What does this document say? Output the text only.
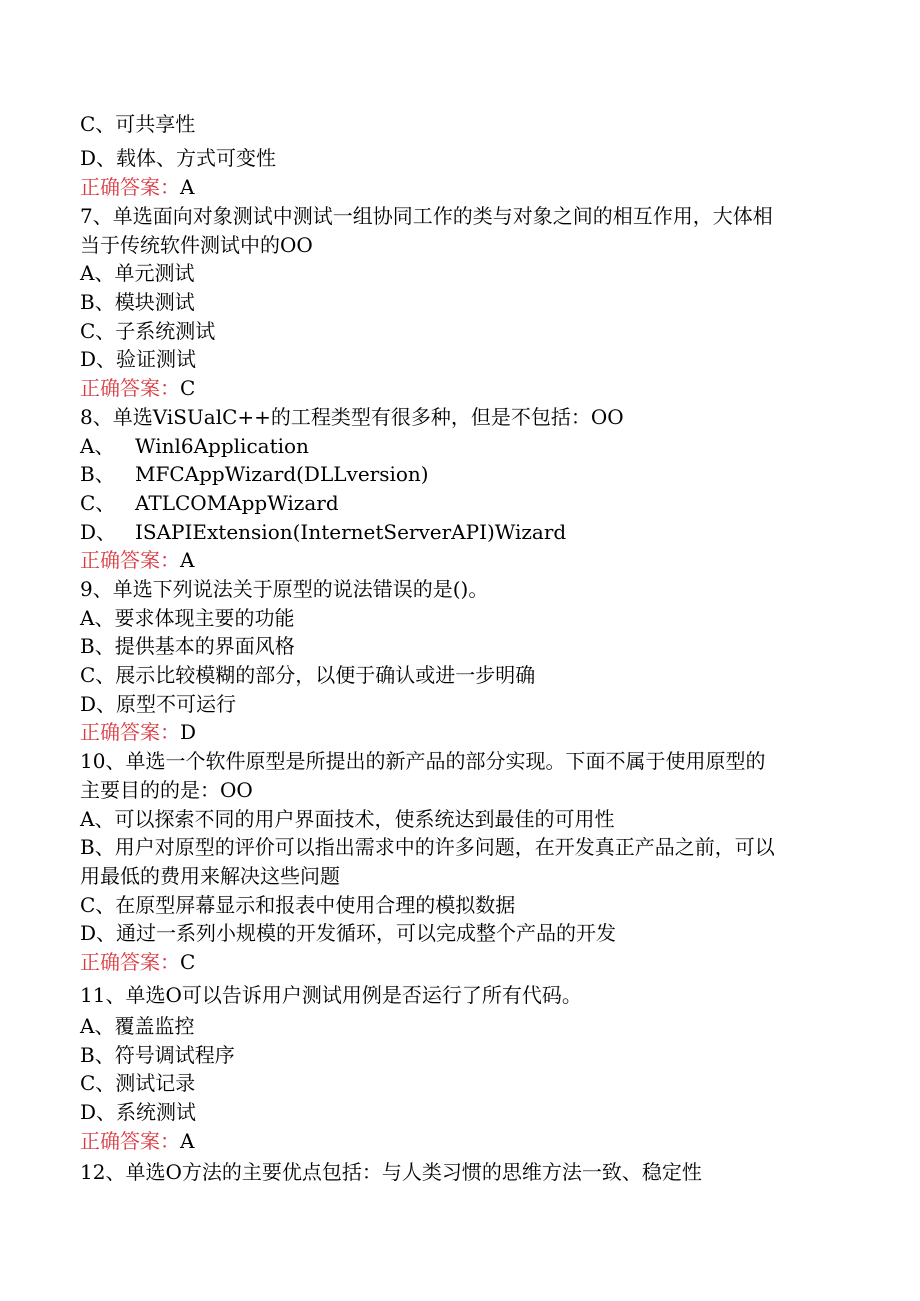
C、可共享性
D、载体、方式可变性
正确答案：A
7、单选面向对象测试中测试一组协同工作的类与对象之间的相互作用，大体相
当于传统软件测试中的OO
A、单元测试
B、模块测试
C、子系统测试
D、验证测试
正确答案：C
8、单选ViSUalC++的工程类型有很多种，但是不包括：OO
A、 Winl6Application
B、 MFCAppWizard(DLLversion)
C、 ATLCOMAppWizard
D、 ISAPIExtension(InternetServerAPI)Wizard
正确答案：A
9、单选下列说法关于原型的说法错误的是()。
A、要求体现主要的功能
B、提供基本的界面风格
C、展示比较模糊的部分，以便于确认或进一步明确
D、原型不可运行
正确答案：D
10、单选一个软件原型是所提出的新产品的部分实现。下面不属于使用原型的
主要目的的是：OO
A、可以探索不同的用户界面技术，使系统达到最佳的可用性
B、用户对原型的评价可以指出需求中的许多问题，在开发真正产品之前，可以
用最低的费用来解决这些问题
C、在原型屏幕显示和报表中使用合理的模拟数据
D、通过一系列小规模的开发循环，可以完成整个产品的开发
正确答案：C
11、单选O可以告诉用户测试用例是否运行了所有代码。
A、覆盖监控
B、符号调试程序
C、测试记录
D、系统测试
正确答案：A
12、单选O方法的主要优点包括：与人类习惯的思维方法一致、稳定性
